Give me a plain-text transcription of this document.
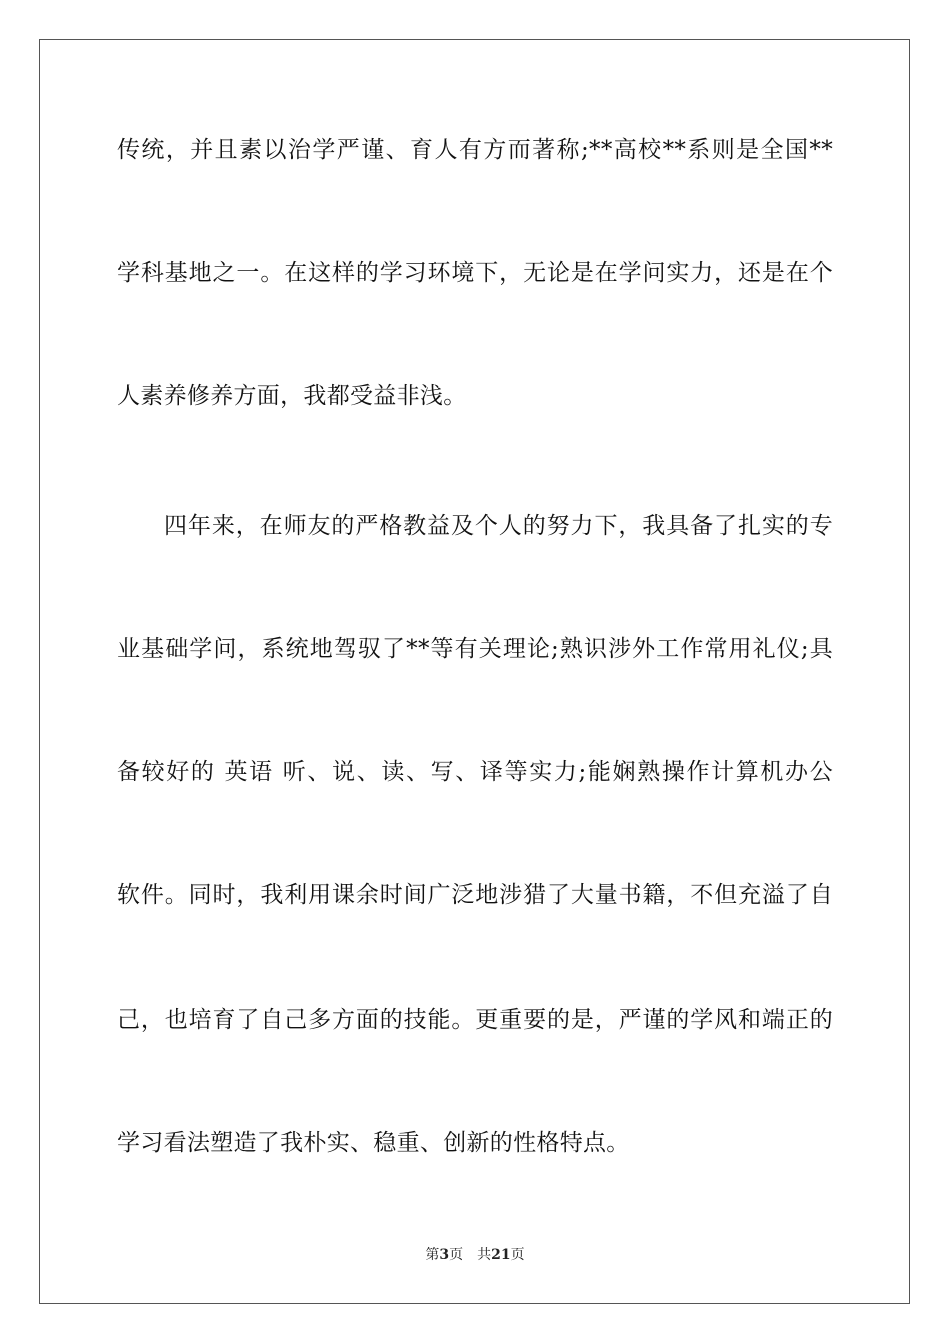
传统，并且素以治学严谨、育人有方而著称;**高校**系则是全国**
学科基地之一。在这样的学习环境下，无论是在学问实力，还是在个
人素养修养方面，我都受益非浅。
四年来，在师友的严格教益及个人的努力下，我具备了扎实的专
业基础学问，系统地驾驭了**等有关理论;熟识涉外工作常用礼仪;具
备较好的 英语 听、说、读、写、译等实力;能娴熟操作计算机办公
软件。同时，我利用课余时间广泛地涉猎了大量书籍，不但充溢了自
己，也培育了自己多方面的技能。更重要的是，严谨的学风和端正的
学习看法塑造了我朴实、稳重、创新的性格特点。
第3页 共21页
